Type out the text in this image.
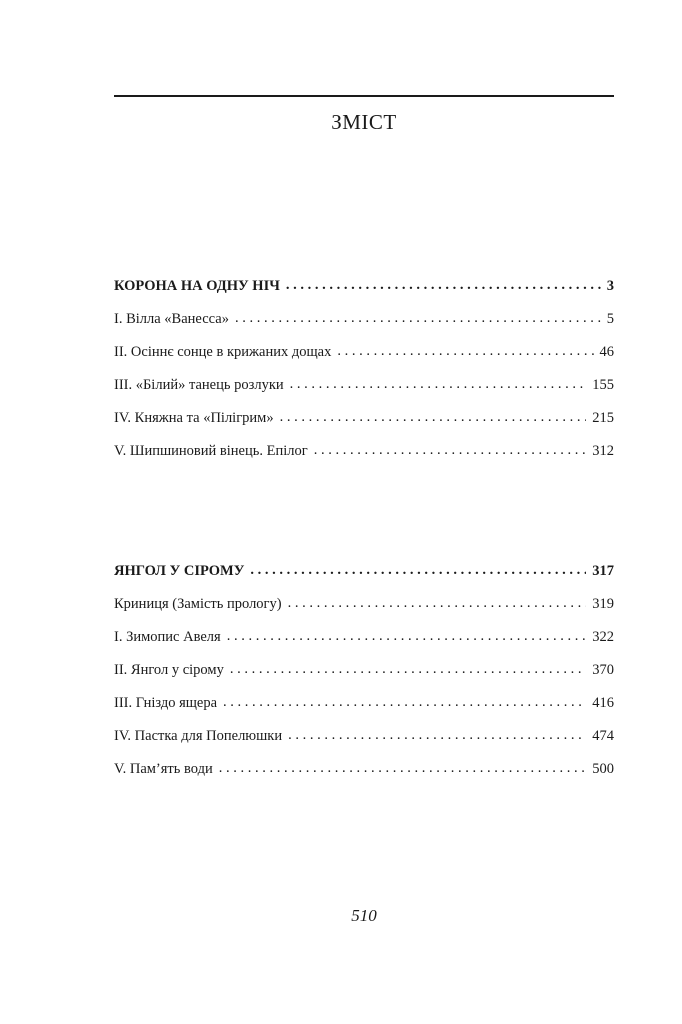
ЗМІСТ
КОРОНА НА ОДНУ НІЧ . . .	3
I. Вілла «Ванесса» . . .	5
II. Осіннє сонце в крижаних дощах . . .	46
III. «Білий» танець розлуки . . .	155
IV. Княжна та «Пілігрим» . . .	215
V. Шипшиновий вінець. Епілог . . .	312
ЯНГОЛ У СІРОМУ . . .	317
Криниця (Замість прологу) . . .	319
I. Зимопис Авеля . . .	322
II. Янгол у сірому . . .	370
III. Гніздо ящера . . .	416
IV. Пастка для Попелюшки . . .	474
V. Пам’ять води . . .	500
510
